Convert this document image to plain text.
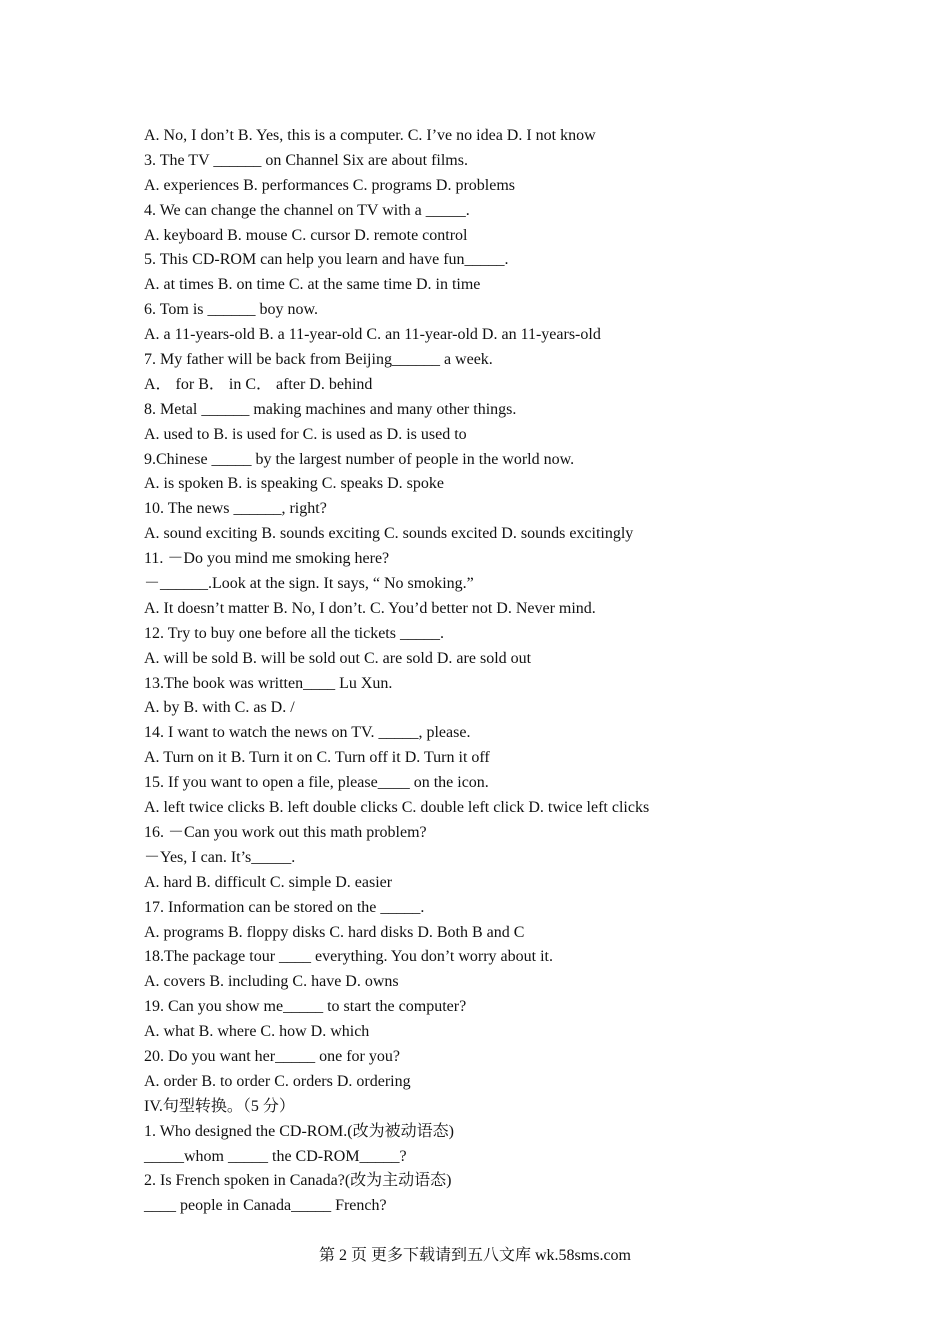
A. No, I don’t B. Yes, this is a computer. C. I’ve no idea D. I not know
3. The TV ______ on Channel Six are about films.
A. experiences B. performances C. programs D. problems
4. We can change the channel on TV with a _____.
A. keyboard B. mouse C. cursor D. remote control
5. This CD-ROM can help you learn and have fun_____.
A. at times B. on time C. at the same time D. in time
6. Tom is ______ boy now.
A. a 11-years-old B. a 11-year-old C. an 11-year-old D. an 11-years-old
7. My father will be back from Beijing______ a week.
A． for B． in C． after D. behind
8. Metal ______ making machines and many other things.
A. used to B. is used for C. is used as D. is used to
9.Chinese _____ by the largest number of people in the world now.
A. is spoken B. is speaking C. speaks D. spoke
10. The news ______, right?
A. sound exciting B. sounds exciting C. sounds excited D. sounds excitingly
11. －Do you mind me smoking here?
－______.Look at the sign. It says, “ No smoking.”
A. It doesn’t matter B. No, I don’t. C. You’d better not D. Never mind.
12. Try to buy one before all the tickets _____.
A. will be sold B. will be sold out C. are sold D. are sold out
13.The book was written____ Lu Xun.
A. by B. with C. as D. /
14. I want to watch the news on TV. _____, please.
A. Turn on it B. Turn it on C. Turn off it D. Turn it off
15. If you want to open a file, please____ on the icon.
A. left twice clicks B. left double clicks C. double left click D. twice left clicks
16. －Can you work out this math problem?
－Yes, I can. It’s_____.
A. hard B. difficult C. simple D. easier
17. Information can be stored on the _____.
A. programs B. floppy disks C. hard disks D. Both B and C
18.The package tour ____ everything. You don’t worry about it.
A. covers B. including C. have D. owns
19. Can you show me_____ to start the computer?
A. what B. where C. how D. which
20. Do you want her_____ one for you?
A. order B. to order C. orders D. ordering
IV.句型转换。（5 分）
1. Who designed the CD-ROM.(改为被动语态)
_____whom _____ the CD-ROM_____?
2. Is French spoken in Canada?(改为主动语态)
____ people in Canada_____ French?
第 2 页 更多下载请到五八文库 wk.58sms.com
